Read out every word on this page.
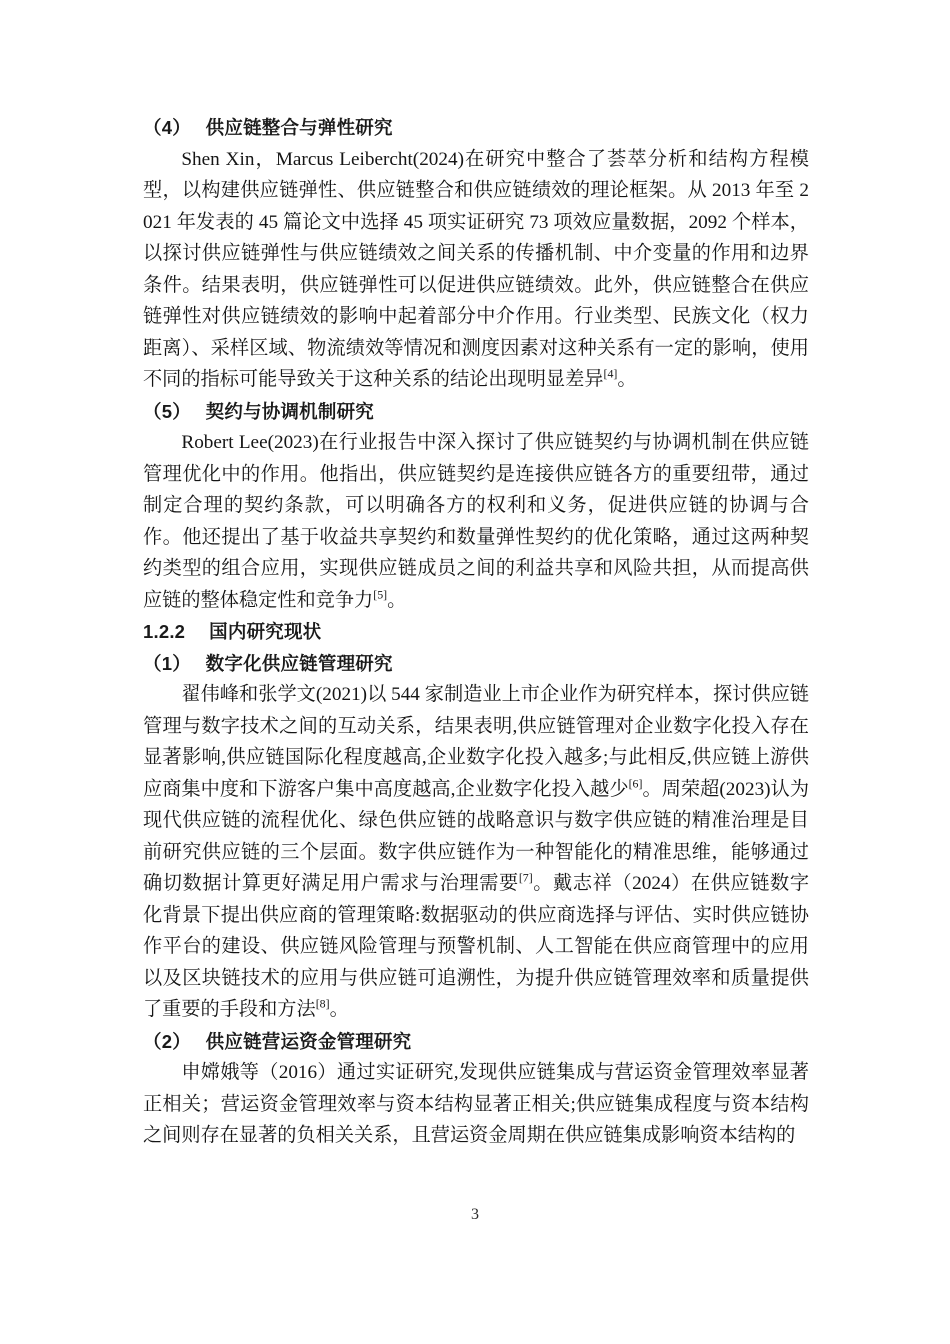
（4）　 供应链整合与弹性研究

Shen Xin，Marcus Leibercht(2024)在研究中整合了荟萃分析和结构方程模型，以构建供应链弹性、供应链整合和供应链绩效的理论框架。从 2013 年至 2021 年发表的 45 篇论文中选择 45 项实证研究 73 项效应量数据，2092 个样本，以探讨供应链弹性与供应链绩效之间关系的传播机制、中介变量的作用和边界条件。结果表明，供应链弹性可以促进供应链绩效。此外，供应链整合在供应链弹性对供应链绩效的影响中起着部分中介作用。行业类型、民族文化（权力距离）、采样区域、物流绩效等情况和测度因素对这种关系有一定的影响，使用不同的指标可能导致关于这种关系的结论出现明显差异[4]。

（5）　 契约与协调机制研究

Robert Lee(2023)在行业报告中深入探讨了供应链契约与协调机制在供应链管理优化中的作用。他指出，供应链契约是连接供应链各方的重要纽带，通过制定合理的契约条款，可以明确各方的权利和义务，促进供应链的协调与合作。他还提出了基于收益共享契约和数量弹性契约的优化策略，通过这两种契约类型的组合应用，实现供应链成员之间的利益共享和风险共担，从而提高供应链的整体稳定性和竞争力[5]。

1.2.2　 国内研究现状
（1）　 数字化供应链管理研究

翟伟峰和张学文(2021)以 544 家制造业上市企业作为研究样本，探讨供应链管理与数字技术之间的互动关系，结果表明,供应链管理对企业数字化投入存在显著影响,供应链国际化程度越高,企业数字化投入越多;与此相反,供应链上游供应商集中度和下游客户集中高度越高,企业数字化投入越少[6]。周荣超(2023)认为现代供应链的流程优化、绿色供应链的战略意识与数字供应链的精准治理是目前研究供应链的三个层面。数字供应链作为一种智能化的精准思维，能够通过确切数据计算更好满足用户需求与治理需要[7]。戴志祥（2024）在供应链数字化背景下提出供应商的管理策略:数据驱动的供应商选择与评估、实时供应链协作平台的建设、供应链风险管理与预警机制、人工智能在供应商管理中的应用以及区块链技术的应用与供应链可追溯性，为提升供应链管理效率和质量提供了重要的手段和方法[8]。

（2）　 供应链营运资金管理研究

申嫦娥等（2016）通过实证研究,发现供应链集成与营运资金管理效率显著正相关；营运资金管理效率与资本结构显著正相关;供应链集成程度与资本结构之间则存在显著的负相关关系，且营运资金周期在供应链集成影响资本结构的

3
